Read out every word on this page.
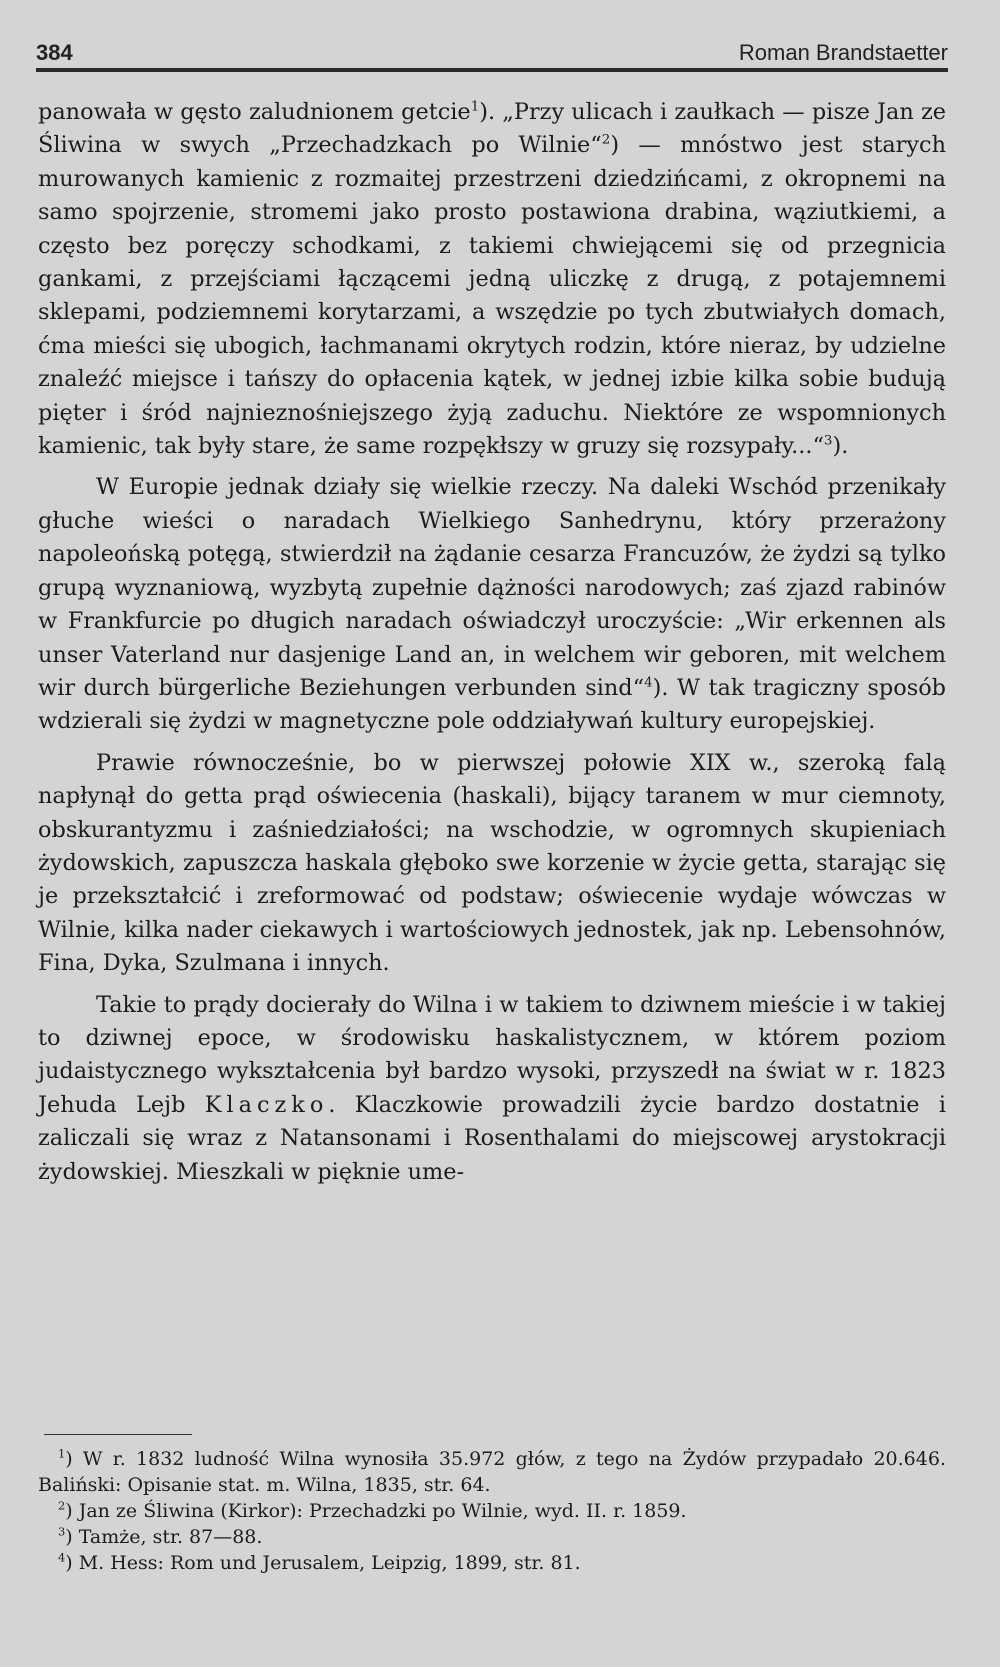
384	Roman Brandstaetter

panowała w gęsto zaludnionem getcie$^1$). „Przy ulicach i zaułkach — pisze Jan ze Śliwina w swych „Przechadzkach po Wilnie“$^2$) — mnóstwo jest starych murowanych kamienic z rozmaitej przestrzeni dziedzińcami, z okropnemi na samo spojrzenie, stromemi jako prosto postawiona drabina, wąziutkiemi, a często bez poręczy schodkami, z takiemi chwiejącemi się od przegnicia gankami, z przejściami łączącemi jedną uliczkę z drugą, z potajemnemi sklepami, podziemnemi korytarzami, a wszędzie po tych zbutwiałych domach, ćma mieści się ubogich, łachmanami okrytych rodzin, które nieraz, by udzielne znaleźć miejsce i tańszy do opłacenia kątek, w jednej izbie kilka sobie budują pięter i śród najnieznośniejszego żyją zaduchu. Niektóre ze wspomnionych kamienic, tak były stare, że same rozpękłszy w gruzy się rozsypały...“$^3$).

W Europie jednak działy się wielkie rzeczy. Na daleki Wschód przenikały głuche wieści o naradach Wielkiego Sanhedrynu, który przerażony napoleońską potęgą, stwierdził na żądanie cesarza Francuzów, że żydzi są tylko grupą wyznaniową, wyzbytą zupełnie dążności narodowych; zaś zjazd rabinów w Frankfurcie po długich naradach oświadczył uroczyście: „Wir erkennen als unser Vaterland nur dasjenige Land an, in welchem wir geboren, mit welchem wir durch bürgerliche Beziehungen verbunden sind“$^4$). W tak tragiczny sposób wdzierali się żydzi w magnetyczne pole oddziaływań kultury europejskiej.

Prawie równocześnie, bo w pierwszej połowie XIX w., szeroką falą napłynął do getta prąd oświecenia (haskali), bijący taranem w mur ciemnoty, obskurantyzmu i zaśniedziałości; na wschodzie, w ogromnych skupieniach żydowskich, zapuszcza haskala głęboko swe korzenie w życie getta, starając się je przekształcić i zreformować od podstaw; oświecenie wydaje wówczas w Wilnie, kilka nader ciekawych i wartościowych jednostek, jak np. Lebensohnów, Fina, Dyka, Szulmana i innych.

Takie to prądy docierały do Wilna i w takiem to dziwnem mieście i w takiej to dziwnej epoce, w środowisku haskalistycznem, w którem poziom judaistycznego wykształcenia był bardzo wysoki, przyszedł na świat w r. 1823 Jehuda Lejb Klaczko. Klaczkowie prowadzili życie bardzo dostatnie i zaliczali się wraz z Natansonami i Rosenthalami do miejscowej arystokracji żydowskiej. Mieszkali w pięknie ume-

$^1$) W r. 1832 ludność Wilna wynosiła 35.972 głów, z tego na Żydów przypadało 20.646. Baliński: Opisanie stat. m. Wilna, 1835, str. 64.

$^2$) Jan ze Śliwina (Kirkor): Przechadzki po Wilnie, wyd. II. r. 1859.

$^3$) Tamże, str. 87—88.

$^4$) M. Hess: Rom und Jerusalem, Leipzig, 1899, str. 81.
